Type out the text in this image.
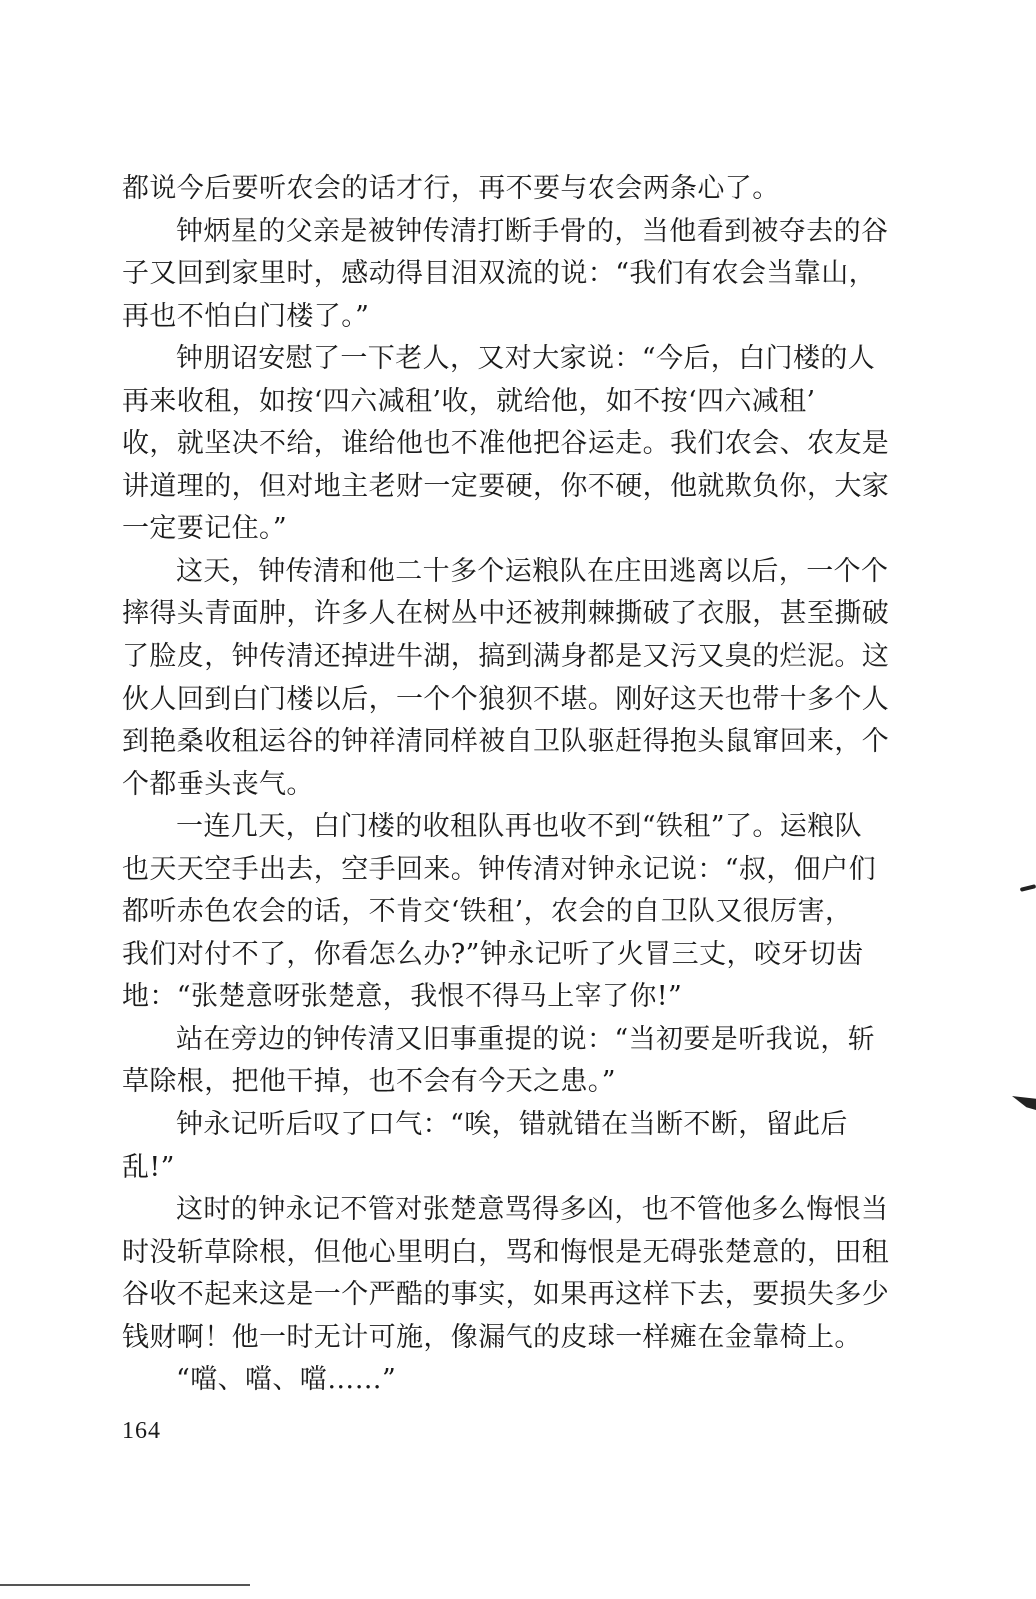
都说今后要听农会的话才行，再不要与农会两条心了。
钟炳星的父亲是被钟传清打断手骨的，当他看到被夺去的谷
子又回到家里时，感动得目泪双流的说：“我们有农会当靠山，
再也不怕白门楼了。”
钟朋诏安慰了一下老人，又对大家说：“今后，白门楼的人
再来收租，如按‘四六减租’收，就给他，如不按‘四六减租’
收，就坚决不给，谁给他也不准他把谷运走。我们农会、农友是
讲道理的，但对地主老财一定要硬，你不硬，他就欺负你，大家
一定要记住。”
这天，钟传清和他二十多个运粮队在庄田逃离以后，一个个
摔得头青面肿，许多人在树丛中还被荆棘撕破了衣服，甚至撕破
了脸皮，钟传清还掉进牛湖，搞到满身都是又污又臭的烂泥。这
伙人回到白门楼以后，一个个狼狈不堪。刚好这天也带十多个人
到艳桑收租运谷的钟祥清同样被自卫队驱赶得抱头鼠窜回来，个
个都垂头丧气。
一连几天，白门楼的收租队再也收不到“铁租”了。运粮队
也天天空手出去，空手回来。钟传清对钟永记说：“叔，佃户们
都听赤色农会的话，不肯交‘铁租’，农会的自卫队又很厉害，
我们对付不了，你看怎么办?”钟永记听了火冒三丈，咬牙切齿
地：“张楚意呀张楚意，我恨不得马上宰了你!”
站在旁边的钟传清又旧事重提的说：“当初要是听我说，斩
草除根，把他干掉，也不会有今天之患。”
钟永记听后叹了口气：“唉，错就错在当断不断，留此后
乱!”
这时的钟永记不管对张楚意骂得多凶，也不管他多么悔恨当
时没斩草除根，但他心里明白，骂和悔恨是无碍张楚意的，田租
谷收不起来这是一个严酷的事实，如果再这样下去，要损失多少
钱财啊！他一时无计可施，像漏气的皮球一样瘫在金靠椅上。
“噹、噹、噹……”
164
